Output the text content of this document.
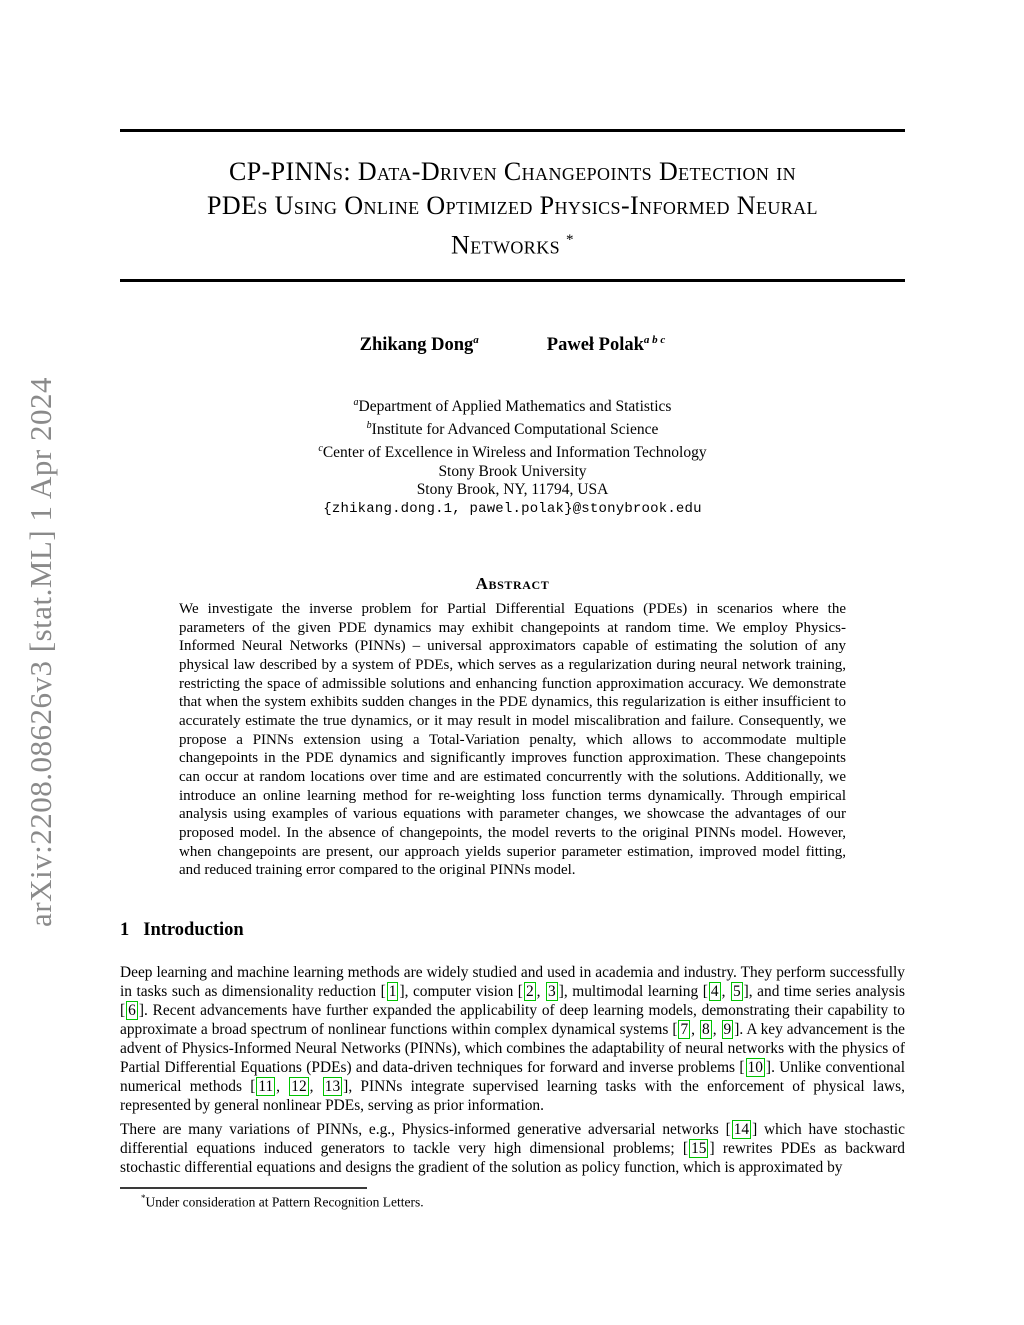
arXiv:2208.08626v3 [stat.ML] 1 Apr 2024
CP-PINNs: Data-Driven Changepoints Detection in
PDEs Using Online Optimized Physics-Informed Neural
Networks *
Zhikang Dong$^a$	Paweł Polak$^{a b c}$
$^a$Department of Applied Mathematics and Statistics
$^b$Institute for Advanced Computational Science
$^c$Center of Excellence in Wireless and Information Technology
Stony Brook University
Stony Brook, NY, 11794, USA
{zhikang.dong.1, pawel.polak}@stonybrook.edu
Abstract
We investigate the inverse problem for Partial Differential Equations (PDEs) in scenarios where the parameters of the given PDE dynamics may exhibit changepoints at random time. We employ Physics-Informed Neural Networks (PINNs) – universal approximators capable of estimating the solution of any physical law described by a system of PDEs, which serves as a regularization during neural network training, restricting the space of admissible solutions and enhancing function approximation accuracy. We demonstrate that when the system exhibits sudden changes in the PDE dynamics, this regularization is either insufficient to accurately estimate the true dynamics, or it may result in model miscalibration and failure. Consequently, we propose a PINNs extension using a Total-Variation penalty, which allows to accommodate multiple changepoints in the PDE dynamics and significantly improves function approximation. These changepoints can occur at random locations over time and are estimated concurrently with the solutions. Additionally, we introduce an online learning method for re-weighting loss function terms dynamically. Through empirical analysis using examples of various equations with parameter changes, we showcase the advantages of our proposed model. In the absence of changepoints, the model reverts to the original PINNs model. However, when changepoints are present, our approach yields superior parameter estimation, improved model fitting, and reduced training error compared to the original PINNs model.
1 Introduction
Deep learning and machine learning methods are widely studied and used in academia and industry. They perform successfully in tasks such as dimensionality reduction [ 1 ], computer vision [ 2 , 3 ], multimodal learning [ 4 , 5 ], and time series analysis [ 6 ]. Recent advancements have further expanded the applicability of deep learning models, demonstrating their capability to approximate a broad spectrum of nonlinear functions within complex dynamical systems [ 7 , 8 , 9 ]. A key advancement is the advent of Physics-Informed Neural Networks (PINNs), which combines the adaptability of neural networks with the physics of Partial Differential Equations (PDEs) and data-driven techniques for forward and inverse problems [ 10 ]. Unlike conventional numerical methods [ 11 , 12 , 13 ], PINNs integrate supervised learning tasks with the enforcement of physical laws, represented by general nonlinear PDEs, serving as prior information.
There are many variations of PINNs, e.g., Physics-informed generative adversarial networks [ 14 ] which have stochastic differential equations induced generators to tackle very high dimensional problems; [ 15 ] rewrites PDEs as backward stochastic differential equations and designs the gradient of the solution as policy function, which is approximated by
*Under consideration at Pattern Recognition Letters.
